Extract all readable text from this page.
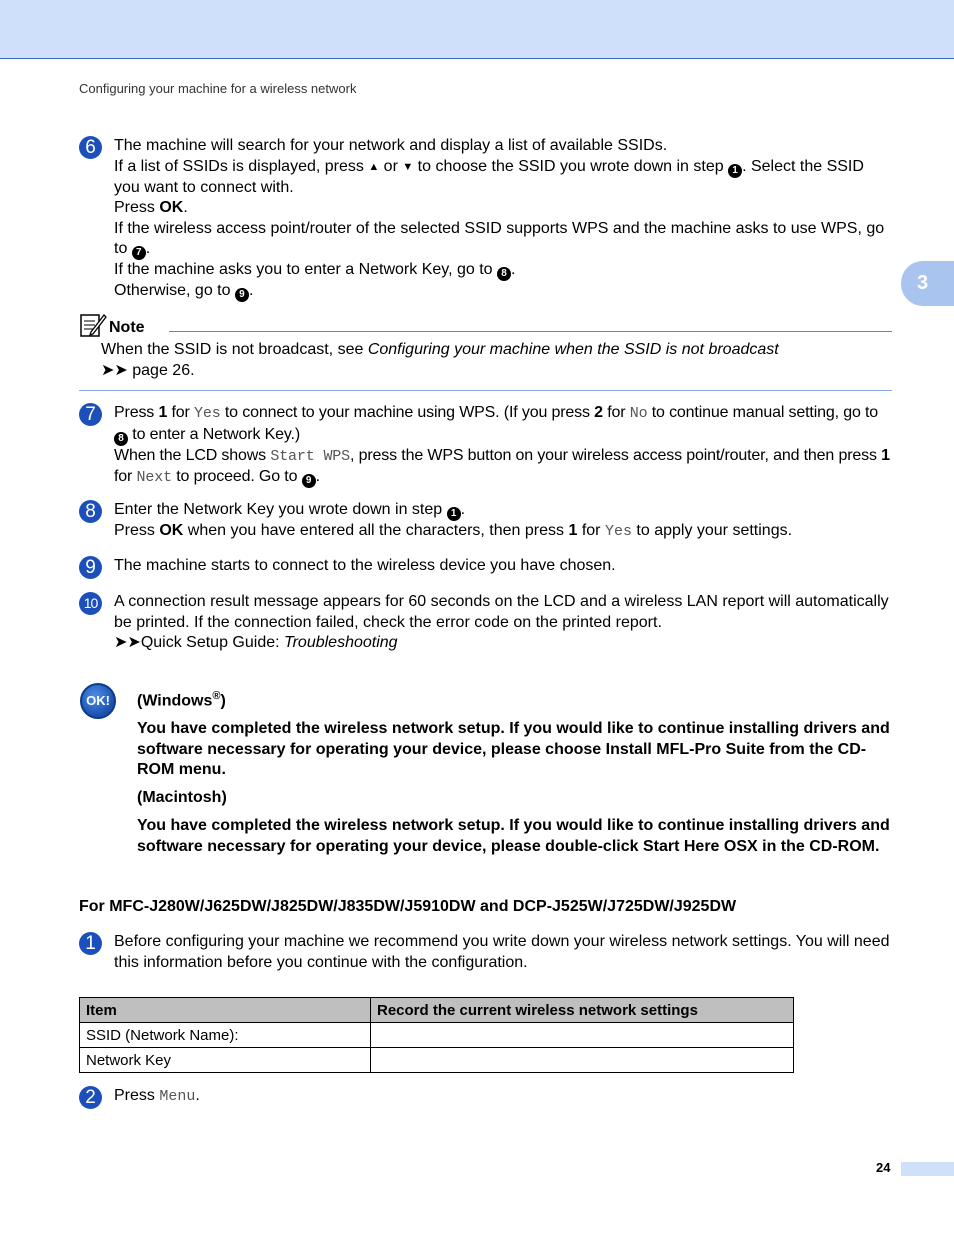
Configuring your machine for a wireless network
3
6	The machine will search for your network and display a list of available SSIDs.
If a list of SSIDs is displayed, press ▲ or ▼ to choose the SSID you wrote down in step 1 . Select the SSID you want to connect with.
Press OK.
If the wireless access point/router of the selected SSID supports WPS and the machine asks to use WPS, go to 7 .
If the machine asks you to enter a Network Key, go to 8 .
Otherwise, go to 9 .
Note
When the SSID is not broadcast, see Configuring your machine when the SSID is not broadcast
➤➤ page 26.
7	Press 1 for Yes to connect to your machine using WPS. (If you press 2 for No to continue manual setting, go to 8 to enter a Network Key.)
When the LCD shows Start WPS, press the WPS button on your wireless access point/router, and then press 1 for Next to proceed. Go to 9 .
8	Enter the Network Key you wrote down in step 1 .
Press OK when you have entered all the characters, then press 1 for Yes to apply your settings.
9	The machine starts to connect to the wireless device you have chosen.
10 A connection result message appears for 60 seconds on the LCD and a wireless LAN report will automatically be printed. If the connection failed, check the error code on the printed report.
➤➤Quick Setup Guide: Troubleshooting
OK!	(Windows®)

You have completed the wireless network setup. If you would like to continue installing drivers and software necessary for operating your device, please choose Install MFL-Pro Suite from the CD-ROM menu.

(Macintosh)

You have completed the wireless network setup. If you would like to continue installing drivers and software necessary for operating your device, please double-click Start Here OSX in the CD-ROM.

For MFC-J280W/J625DW/J825DW/J835DW/J5910DW and DCP-J525W/J725DW/J925DW
1	Before configuring your machine we recommend you write down your wireless network settings. You will need this information before you continue with the configuration.
Item	Record the current wireless network settings
SSID (Network Name):	
Network Key	
2	Press Menu.
24
